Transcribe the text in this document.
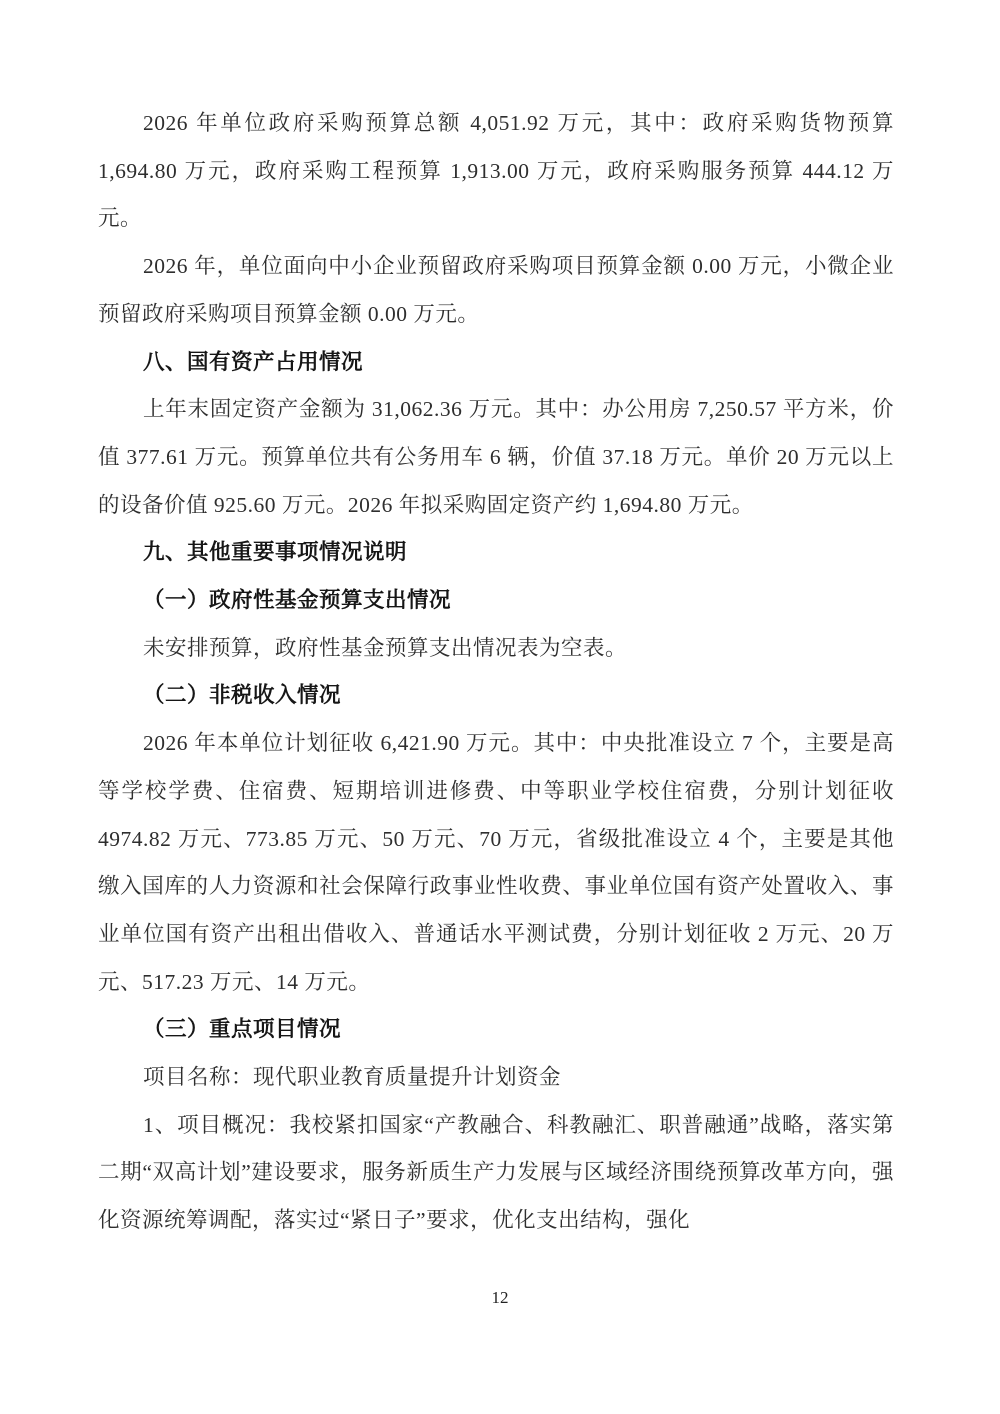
2026 年单位政府采购预算总额 4,051.92 万元，其中：政府采购货物预算 1,694.80 万元，政府采购工程预算 1,913.00 万元，政府采购服务预算 444.12 万元。

2026 年，单位面向中小企业预留政府采购项目预算金额 0.00 万元，小微企业预留政府采购项目预算金额 0.00 万元。

八、国有资产占用情况

上年末固定资产金额为 31,062.36 万元。其中：办公用房 7,250.57 平方米，价值 377.61 万元。预算单位共有公务用车 6 辆，价值 37.18 万元。单价 20 万元以上的设备价值 925.60 万元。2026 年拟采购固定资产约 1,694.80 万元。

九、其他重要事项情况说明
（一）政府性基金预算支出情况

未安排预算，政府性基金预算支出情况表为空表。

（二）非税收入情况

2026 年本单位计划征收 6,421.90 万元。其中：中央批准设立 7 个，主要是高等学校学费、住宿费、短期培训进修费、中等职业学校住宿费，分别计划征收 4974.82 万元、773.85 万元、50 万元、70 万元，省级批准设立 4 个，主要是其他缴入国库的人力资源和社会保障行政事业性收费、事业单位国有资产处置收入、事业单位国有资产出租出借收入、普通话水平测试费，分别计划征收 2 万元、20 万元、517.23 万元、14 万元。

（三）重点项目情况

项目名称：现代职业教育质量提升计划资金

1、项目概况：我校紧扣国家“产教融合、科教融汇、职普融通”战略，落实第二期“双高计划”建设要求，服务新质生产力发展与区域经济围绕预算改革方向，强化资源统筹调配，落实过“紧日子”要求，优化支出结构，强化

12
